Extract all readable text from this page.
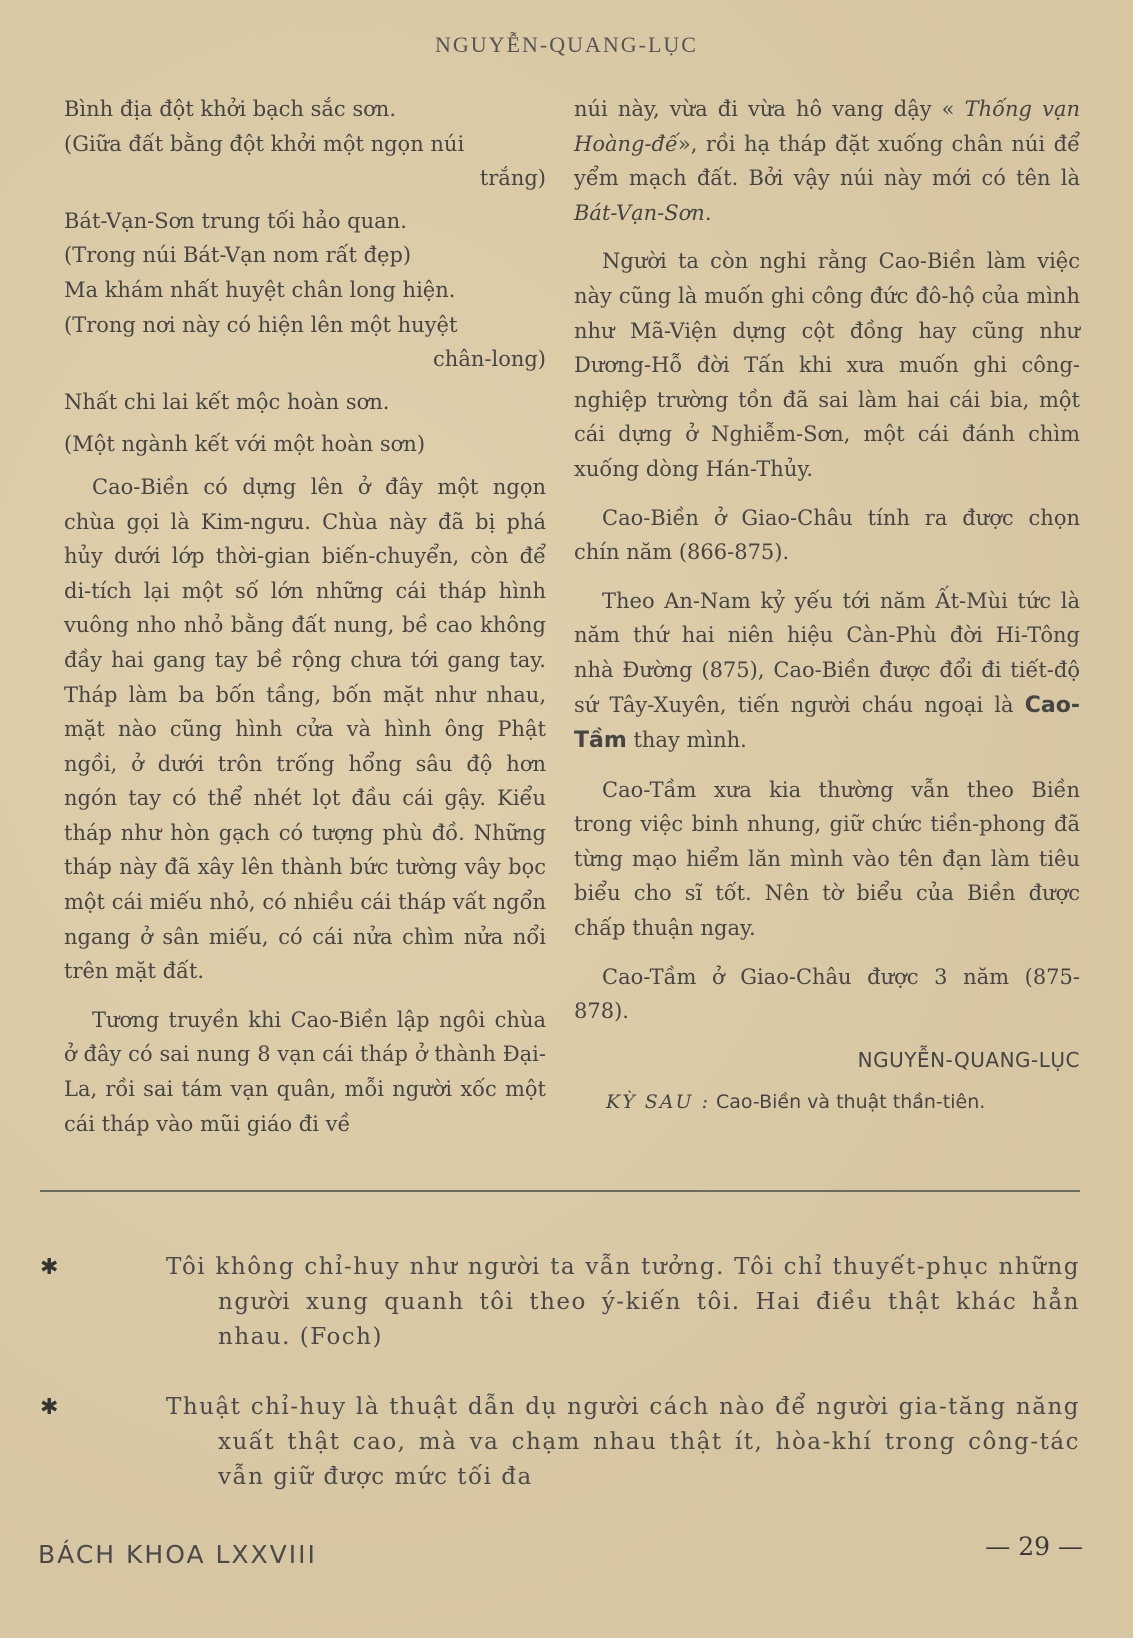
NGUYỄN-QUANG-LỤC
Bình địa đột khởi bạch sắc sơn.
(Giữa đất bằng đột khởi một ngọn núi
trắng)
Bát-Vạn-Sơn trung tối hảo quan.
(Trong núi Bát-Vạn nom rất đẹp)
Ma khám nhất huyệt chân long hiện.
(Trong nơi này có hiện lên một huyệt
chân-long)
Nhất chi lai kết mộc hoàn sơn.
(Một ngành kết với một hoàn sơn)

Cao-Biền có dựng lên ở đây một ngọn chùa gọi là Kim-ngưu. Chùa này đã bị phá hủy dưới lớp thời-gian biến-chuyển, còn để di-tích lại một số lớn những cái tháp hình vuông nho nhỏ bằng đất nung, bề cao không đầy hai gang tay bề rộng chưa tới gang tay. Tháp làm ba bốn tầng, bốn mặt như nhau, mặt nào cũng hình cửa và hình ông Phật ngồi, ở dưới trôn trống hổng sâu độ hơn ngón tay có thể nhét lọt đầu cái gậy. Kiểu tháp như hòn gạch có tượng phù đồ. Những tháp này đã xây lên thành bức tường vây bọc một cái miếu nhỏ, có nhiều cái tháp vất ngổn ngang ở sân miếu, có cái nửa chìm nửa nổi trên mặt đất.

Tương truyền khi Cao-Biền lập ngôi chùa ở đây có sai nung 8 vạn cái tháp ở thành Đại-La, rồi sai tám vạn quân, mỗi người xốc một cái tháp vào mũi giáo đi về

núi này, vừa đi vừa hô vang dậy « Thống vạn Hoàng-đế», rồi hạ tháp đặt xuống chân núi để yểm mạch đất. Bởi vậy núi này mới có tên là Bát-Vạn-Sơn.

Người ta còn nghi rằng Cao-Biền làm việc này cũng là muốn ghi công đức đô-hộ của mình như Mã-Viện dựng cột đồng hay cũng như Dương-Hỗ đời Tấn khi xưa muốn ghi công-nghiệp trường tồn đã sai làm hai cái bia, một cái dựng ở Nghiễm-Sơn, một cái đánh chìm xuống dòng Hán-Thủy.

Cao-Biền ở Giao-Châu tính ra được chọn chín năm (866-875).

Theo An-Nam kỷ yếu tới năm Ất-Mùi tức là năm thứ hai niên hiệu Càn-Phù đời Hi-Tông nhà Đường (875), Cao-Biền được đổi đi tiết-độ sứ Tây-Xuyên, tiến người cháu ngoại là Cao-Tầm thay mình.

Cao-Tầm xưa kia thường vẫn theo Biền trong việc binh nhung, giữ chức tiền-phong đã từng mạo hiểm lăn mình vào tên đạn làm tiêu biểu cho sĩ tốt. Nên tờ biểu của Biền được chấp thuận ngay.

Cao-Tầm ở Giao-Châu được 3 năm (875-878).

NGUYỄN-QUANG-LỤC
KỲ SAU : Cao-Biền và thuật thần-tiên.
✱	Tôi không chỉ-huy như người ta vẫn tưởng. Tôi chỉ thuyết-phục những người xung quanh tôi theo ý-kiến tôi. Hai điều thật khác hẳn nhau. (Foch)
✱	Thuật chỉ-huy là thuật dẫn dụ người cách nào để người gia-tăng năng xuất thật cao, mà va chạm nhau thật ít, hòa-khí trong công-tác vẫn giữ được mức tối đa
BÁCH KHOA LXXVIII	— 29 —
